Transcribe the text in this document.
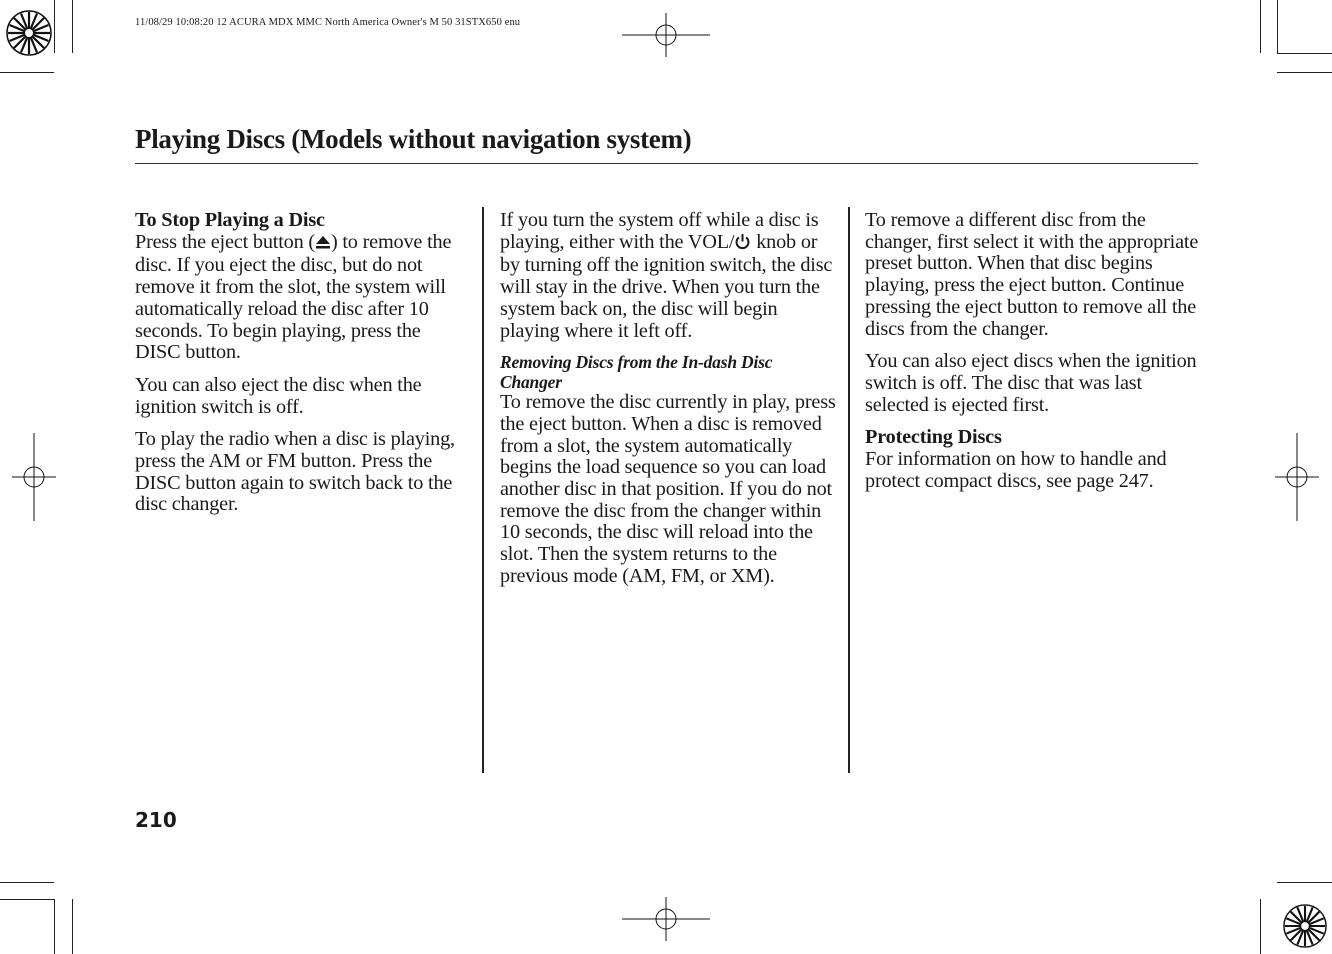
11/08/29 10:08:20 12 ACURA MDX MMC North America Owner's M 50 31STX650 enu
Playing Discs (Models without navigation system)

To Stop Playing a Disc
Press the eject button ( ) to remove the disc. If you eject the disc, but do not remove it from the slot, the system will automatically reload the disc after 10 seconds. To begin playing, press the DISC button.

You can also eject the disc when the ignition switch is off.

To play the radio when a disc is playing, press the AM or FM button. Press the DISC button again to switch back to the disc changer.

If you turn the system off while a disc is playing, either with the VOL/ knob or by turning off the ignition switch, the disc will stay in the drive. When you turn the system back on, the disc will begin playing where it left off.

Removing Discs from the In-dash Disc Changer
To remove the disc currently in play, press the eject button. When a disc is removed from a slot, the system automatically begins the load sequence so you can load another disc in that position. If you do not remove the disc from the changer within 10 seconds, the disc will reload into the slot. Then the system returns to the previous mode (AM, FM, or XM).

To remove a different disc from the changer, first select it with the appropriate preset button. When that disc begins playing, press the eject button. Continue pressing the eject button to remove all the discs from the changer.

You can also eject discs when the ignition switch is off. The disc that was last selected is ejected first.

Protecting Discs
For information on how to handle and protect compact discs, see page 247.

210
